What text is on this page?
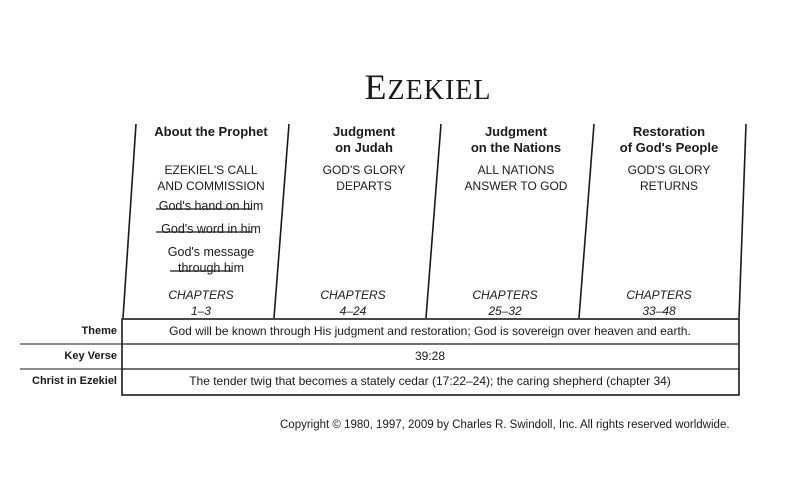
EZEKIEL
About the Prophet
EZEKIEL'S CALL
AND COMMISSION
God's hand on him
God's word in him
God's message
through him
Judgment
on Judah
GOD'S GLORY
DEPARTS
Judgment
on the Nations
ALL NATIONS
ANSWER TO GOD
Restoration
of God's People
GOD'S GLORY
RETURNS
CHAPTERS
1–3
CHAPTERS
4–24
CHAPTERS
25–32
CHAPTERS
33–48
Theme	God will be known through His judgment and restoration; God is sovereign over heaven and earth.
Key Verse	39:28
Christ in Ezekiel	The tender twig that becomes a stately cedar (17:22–24); the caring shepherd (chapter 34)
Copyright © 1980, 1997, 2009 by Charles R. Swindoll, Inc. All rights reserved worldwide.
